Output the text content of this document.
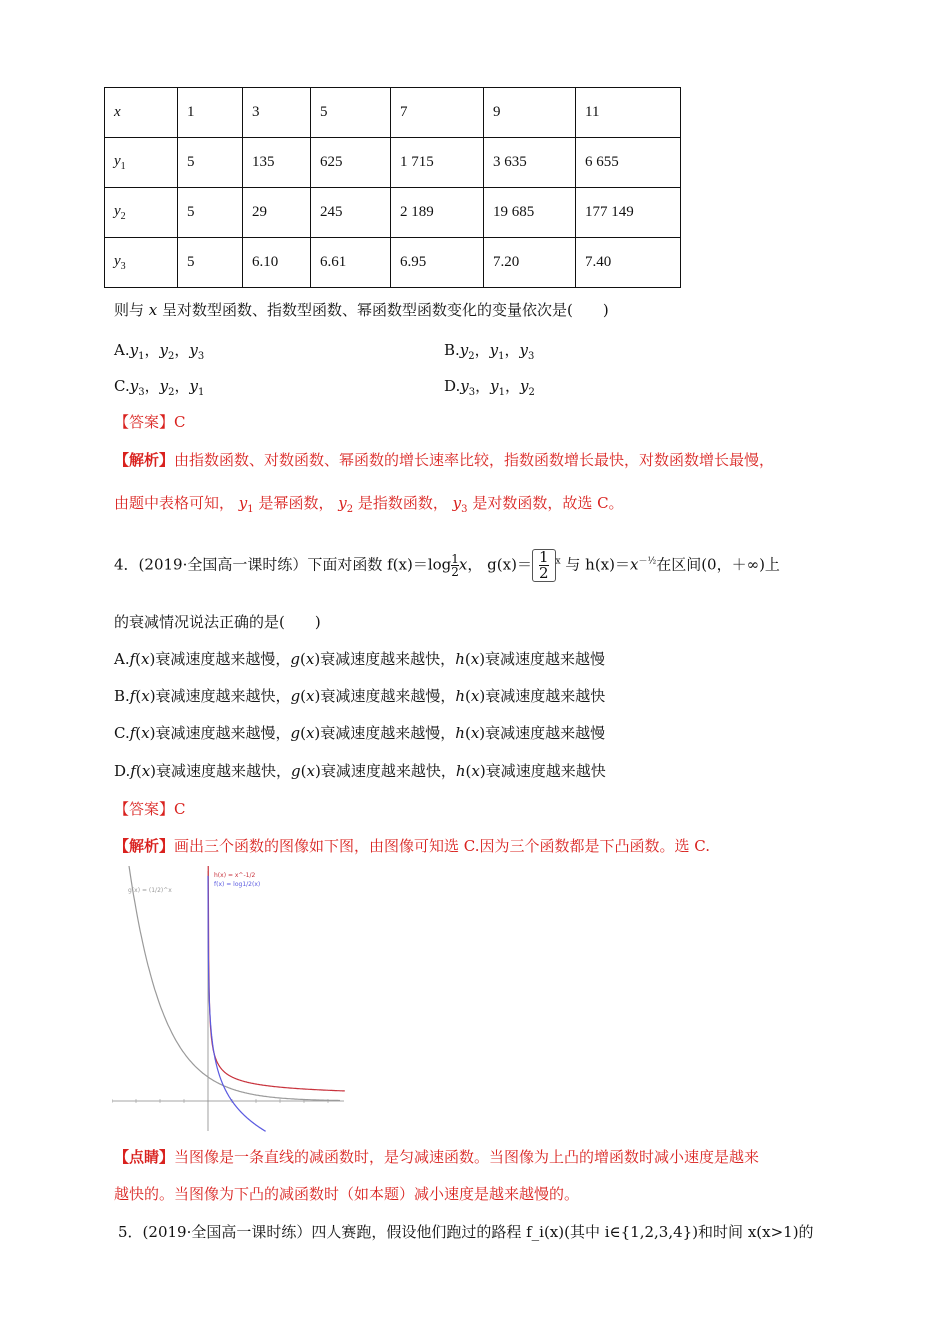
x	1	3	5	7	9	11
$y_1$	5	135	625	1 715	3 635	6 655
$y_2$	5	29	245	2 189	19 685	177 149
$y_3$	5	6.10	6.61	6.95	7.20	7.40
则与 x 呈对数型函数、指数型函数、幂函数型函数变化的变量依次是(　　)
$A.y_1$，$y_2$，$y_3$	$B.y_2$，$y_1$，$y_3$
$C.y_3$，$y_2$，$y_1$	$D.y_3$，$y_1$，$y_2$
【答案】C
【解析】由指数函数、对数函数、幂函数的增长速率比较，指数函数增长最快，对数函数增长最慢，
由题中表格可知， $y_1$ 是幂函数， $y_2$ 是指数函数， $y_3$ 是对数函数，故选 C。
4．(2019·全国高一课时练）下面对函数 $f(x)=\log \frac{1}{2}$ x， $g(x)= \frac{1}{2} ^x$ 与 $h(x)=x^{-\frac{1}{2}}$在区间(0，＋∞)上
的衰减情况说法正确的是(　　)
A.f(x)衰减速度越来越慢，g(x)衰减速度越来越快，h(x)衰减速度越来越慢
B.f(x)衰减速度越来越快，g(x)衰减速度越来越慢，h(x)衰减速度越来越快
C.f(x)衰减速度越来越慢，g(x)衰减速度越来越慢，h(x)衰减速度越来越慢
D.f(x)衰减速度越来越快，g(x)衰减速度越来越快，h(x)衰减速度越来越快
【答案】C
【解析】画出三个函数的图像如下图，由图像可知选 C.因为三个函数都是下凸函数。选 C.
g(x) = (1/2)^x
h(x) = x^-1/2
f(x) = log1/2(x)
【点睛】当图像是一条直线的减函数时，是匀减速函数。当图像为上凸的增函数时减小速度是越来
越快的。当图像为下凸的减函数时（如本题）减小速度是越来越慢的。
5．(2019·全国高一课时练）四人赛跑，假设他们跑过的路程 f_i(x)(其中 i∈{1,2,3,4})和时间 x(x>1)的
